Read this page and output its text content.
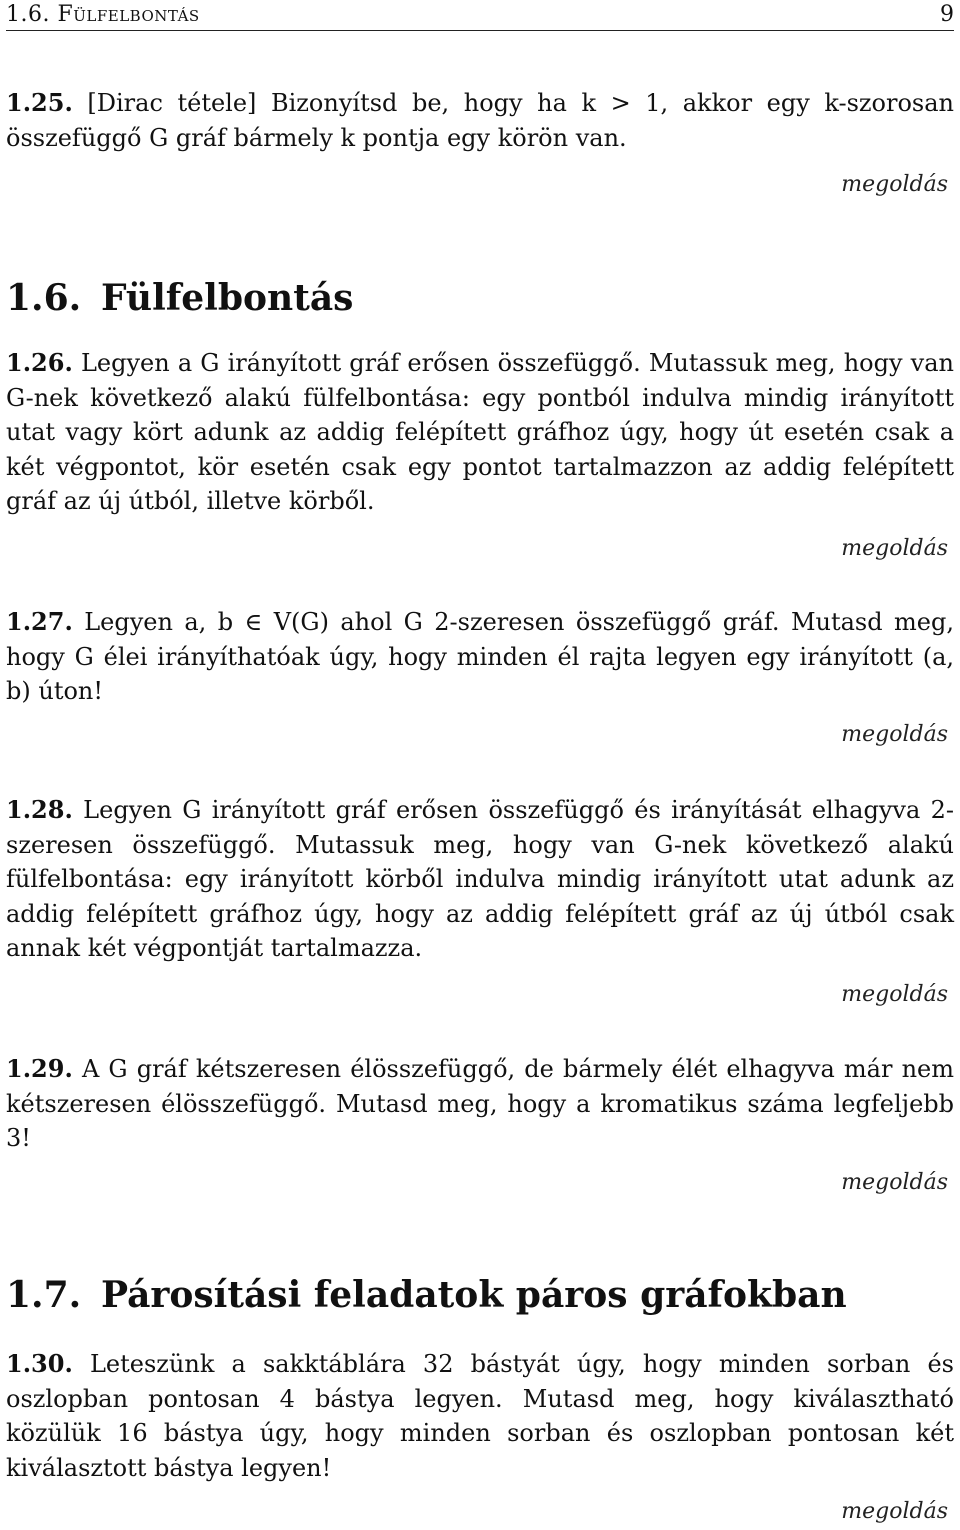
1.6. Fülfelbontás	9
1.25. [Dirac tétele] Bizonyítsd be, hogy ha k > 1, akkor egy k-szorosan összefüggő G gráf bármely k pontja egy körön van.
megoldás
1.6. Fülfelbontás
1.26. Legyen a G irányított gráf erősen összefüggő. Mutassuk meg, hogy van G-nek következő alakú fülfelbontása: egy pontból indulva mindig irányított utat vagy kört adunk az addig felépített gráfhoz úgy, hogy út esetén csak a két végpontot, kör esetén csak egy pontot tartalmazzon az addig felépített gráf az új útból, illetve körből.
megoldás
1.27. Legyen a, b ∈ V(G) ahol G 2-szeresen összefüggő gráf. Mutasd meg, hogy G élei irányíthatóak úgy, hogy minden él rajta legyen egy irányított (a, b) úton!
megoldás
1.28. Legyen G irányított gráf erősen összefüggő és irányítását elhagyva 2-szeresen összefüggő. Mutassuk meg, hogy van G-nek következő alakú fülfelbontása: egy irányított körből indulva mindig irányított utat adunk az addig felépített gráfhoz úgy, hogy az addig felépített gráf az új útból csak annak két végpontját tartalmazza.
megoldás
1.29. A G gráf kétszeresen élösszefüggő, de bármely élét elhagyva már nem kétszeresen élösszefüggő. Mutasd meg, hogy a kromatikus száma legfeljebb 3!
megoldás
1.7. Párosítási feladatok páros gráfokban
1.30. Leteszünk a sakktáblára 32 bástyát úgy, hogy minden sorban és oszlopban pontosan 4 bástya legyen. Mutasd meg, hogy kiválasztható közülük 16 bástya úgy, hogy minden sorban és oszlopban pontosan két kiválasztott bástya legyen!
megoldás
